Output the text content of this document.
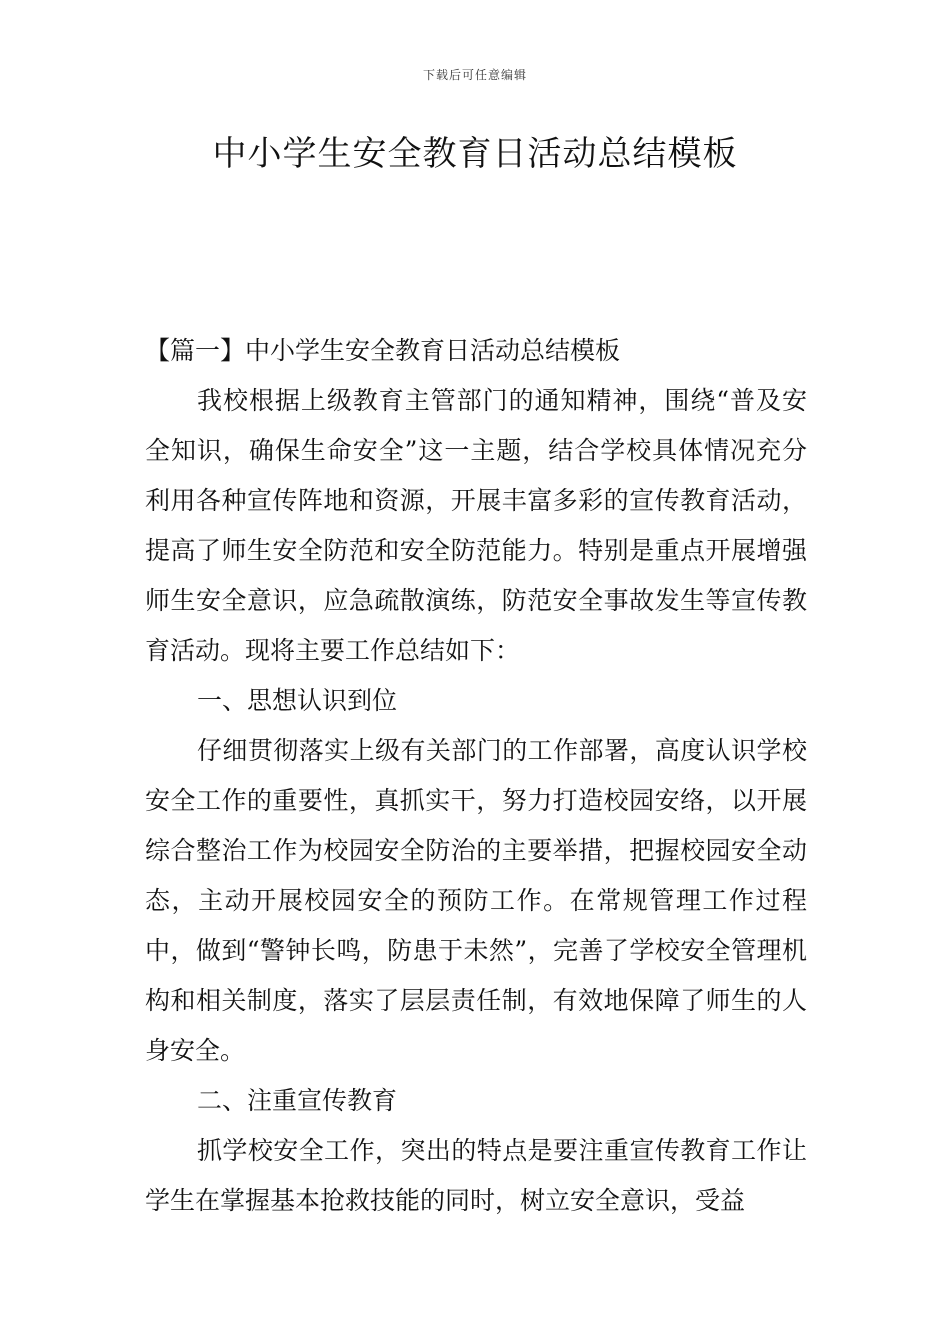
下载后可任意编辑
中小学生安全教育日活动总结模板

【篇一】中小学生安全教育日活动总结模板

我校根据上级教育主管部门的通知精神，围绕“普及安全知识，确保生命安全”这一主题，结合学校具体情况充分利用各种宣传阵地和资源，开展丰富多彩的宣传教育活动，提高了师生安全防范和安全防范能力。特别是重点开展增强师生安全意识，应急疏散演练，防范安全事故发生等宣传教育活动。现将主要工作总结如下：

一、思想认识到位

仔细贯彻落实上级有关部门的工作部署，高度认识学校安全工作的重要性，真抓实干，努力打造校园安络，以开展综合整治工作为校园安全防治的主要举措，把握校园安全动态，主动开展校园安全的预防工作。在常规管理工作过程中，做到“警钟长鸣，防患于未然”，完善了学校安全管理机构和相关制度，落实了层层责任制，有效地保障了师生的人身安全。

二、注重宣传教育

抓学校安全工作，突出的特点是要注重宣传教育工作让学生在掌握基本抢救技能的同时，树立安全意识，受益
